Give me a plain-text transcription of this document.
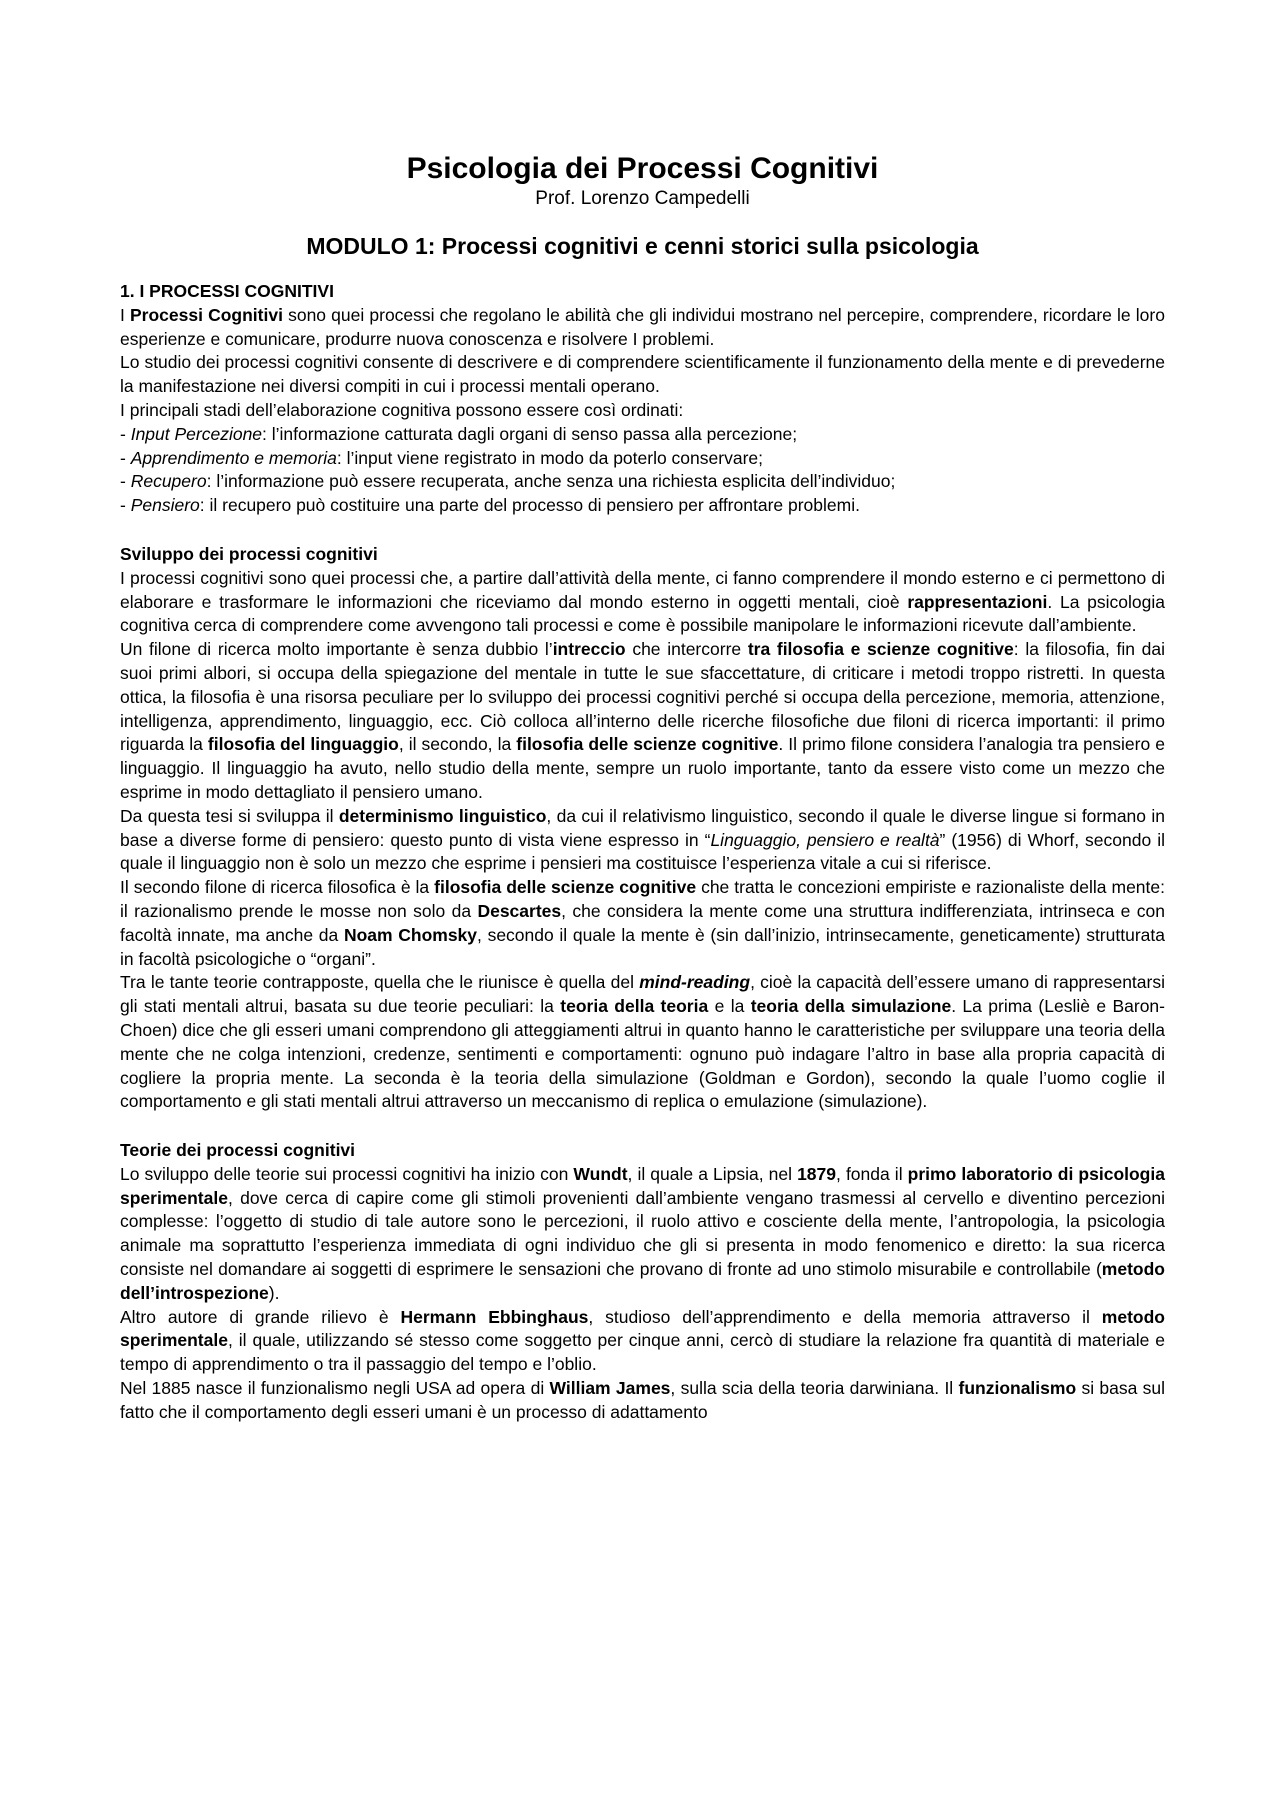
Psicologia dei Processi Cognitivi
Prof. Lorenzo Campedelli
MODULO 1: Processi cognitivi e cenni storici sulla psicologia
1. I PROCESSI COGNITIVI

I Processi Cognitivi sono quei processi che regolano le abilità che gli individui mostrano nel percepire, comprendere, ricordare le loro esperienze e comunicare, produrre nuova conoscenza e risolvere I problemi.

Lo studio dei processi cognitivi consente di descrivere e di comprendere scientificamente il funzionamento della mente e di prevederne la manifestazione nei diversi compiti in cui i processi mentali operano.

I principali stadi dell’elaborazione cognitiva possono essere così ordinati:

- Input Percezione: l’informazione catturata dagli organi di senso passa alla percezione;

- Apprendimento e memoria: l’input viene registrato in modo da poterlo conservare;

- Recupero: l’informazione può essere recuperata, anche senza una richiesta esplicita dell’individuo;

- Pensiero: il recupero può costituire una parte del processo di pensiero per affrontare problemi.

Sviluppo dei processi cognitivi

I processi cognitivi sono quei processi che, a partire dall’attività della mente, ci fanno comprendere il mondo esterno e ci permettono di elaborare e trasformare le informazioni che riceviamo dal mondo esterno in oggetti mentali, cioè rappresentazioni. La psicologia cognitiva cerca di comprendere come avvengono tali processi e come è possibile manipolare le informazioni ricevute dall’ambiente.

Un filone di ricerca molto importante è senza dubbio l’intreccio che intercorre tra filosofia e scienze cognitive: la filosofia, fin dai suoi primi albori, si occupa della spiegazione del mentale in tutte le sue sfaccettature, di criticare i metodi troppo ristretti. In questa ottica, la filosofia è una risorsa peculiare per lo sviluppo dei processi cognitivi perché si occupa della percezione, memoria, attenzione, intelligenza, apprendimento, linguaggio, ecc. Ciò colloca all’interno delle ricerche filosofiche due filoni di ricerca importanti: il primo riguarda la filosofia del linguaggio, il secondo, la filosofia delle scienze cognitive. Il primo filone considera l’analogia tra pensiero e linguaggio. Il linguaggio ha avuto, nello studio della mente, sempre un ruolo importante, tanto da essere visto come un mezzo che esprime in modo dettagliato il pensiero umano.

Da questa tesi si sviluppa il determinismo linguistico, da cui il relativismo linguistico, secondo il quale le diverse lingue si formano in base a diverse forme di pensiero: questo punto di vista viene espresso in “Linguaggio, pensiero e realtà” (1956) di Whorf, secondo il quale il linguaggio non è solo un mezzo che esprime i pensieri ma costituisce l’esperienza vitale a cui si riferisce.

Il secondo filone di ricerca filosofica è la filosofia delle scienze cognitive che tratta le concezioni empiriste e razionaliste della mente: il razionalismo prende le mosse non solo da Descartes, che considera la mente come una struttura indifferenziata, intrinseca e con facoltà innate, ma anche da Noam Chomsky, secondo il quale la mente è (sin dall’inizio, intrinsecamente, geneticamente) strutturata in facoltà psicologiche o “organi”.

Tra le tante teorie contrapposte, quella che le riunisce è quella del mind-reading, cioè la capacità dell’essere umano di rappresentarsi gli stati mentali altrui, basata su due teorie peculiari: la teoria della teoria e la teoria della simulazione. La prima (Lesliè e Baron-Choen) dice che gli esseri umani comprendono gli atteggiamenti altrui in quanto hanno le caratteristiche per sviluppare una teoria della mente che ne colga intenzioni, credenze, sentimenti e comportamenti: ognuno può indagare l’altro in base alla propria capacità di cogliere la propria mente. La seconda è la teoria della simulazione (Goldman e Gordon), secondo la quale l’uomo coglie il comportamento e gli stati mentali altrui attraverso un meccanismo di replica o emulazione (simulazione).

Teorie dei processi cognitivi

Lo sviluppo delle teorie sui processi cognitivi ha inizio con Wundt, il quale a Lipsia, nel 1879, fonda il primo laboratorio di psicologia sperimentale, dove cerca di capire come gli stimoli provenienti dall’ambiente vengano trasmessi al cervello e diventino percezioni complesse: l’oggetto di studio di tale autore sono le percezioni, il ruolo attivo e cosciente della mente, l’antropologia, la psicologia animale ma soprattutto l’esperienza immediata di ogni individuo che gli si presenta in modo fenomenico e diretto: la sua ricerca consiste nel domandare ai soggetti di esprimere le sensazioni che provano di fronte ad uno stimolo misurabile e controllabile (metodo dell’introspezione).

Altro autore di grande rilievo è Hermann Ebbinghaus, studioso dell’apprendimento e della memoria attraverso il metodo sperimentale, il quale, utilizzando sé stesso come soggetto per cinque anni, cercò di studiare la relazione fra quantità di materiale e tempo di apprendimento o tra il passaggio del tempo e l’oblio.

Nel 1885 nasce il funzionalismo negli USA ad opera di William James, sulla scia della teoria darwiniana. Il funzionalismo si basa sul fatto che il comportamento degli esseri umani è un processo di adattamento
